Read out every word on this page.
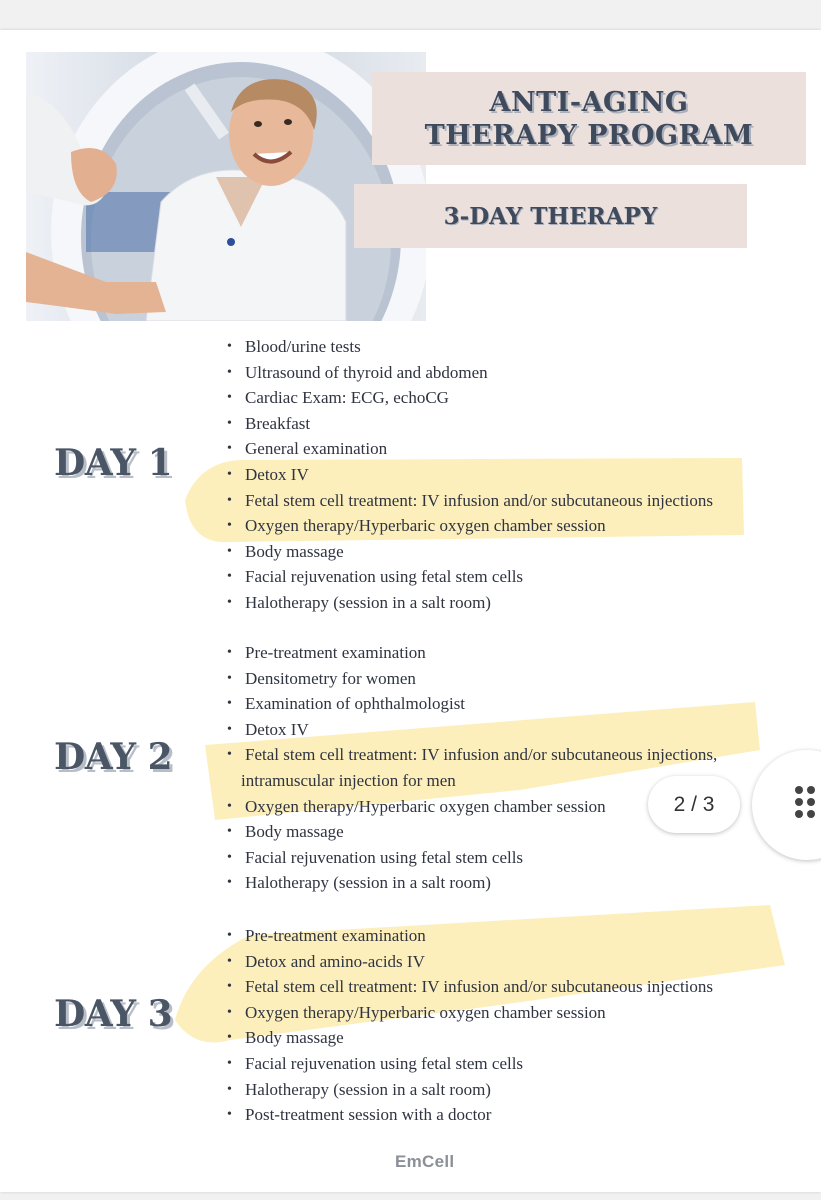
ANTI-AGING
THERAPY PROGRAM
3-DAY THERAPY
DAY 1
• Blood/urine tests
• Ultrasound of thyroid and abdomen
• Cardiac Exam: ECG, echoCG
• Breakfast
• General examination
• Detox IV
• Fetal stem cell treatment: IV infusion and/or subcutaneous injections
• Oxygen therapy/Hyperbaric oxygen chamber session
• Body massage
• Facial rejuvenation using fetal stem cells
• Halotherapy (session in a salt room)
DAY 2
• Pre-treatment examination
• Densitometry for women
• Examination of ophthalmologist
• Detox IV
• Fetal stem cell treatment: IV infusion and/or subcutaneous injections,
intramuscular injection for men
• Oxygen therapy/Hyperbaric oxygen chamber session
• Body massage
• Facial rejuvenation using fetal stem cells
• Halotherapy (session in a salt room)
DAY 3
• Pre-treatment examination
• Detox and amino-acids IV
• Fetal stem cell treatment: IV infusion and/or subcutaneous injections
• Oxygen therapy/Hyperbaric oxygen chamber session
• Body massage
• Facial rejuvenation using fetal stem cells
• Halotherapy (session in a salt room)
• Post-treatment session with a doctor
2 / 3
EmCell
